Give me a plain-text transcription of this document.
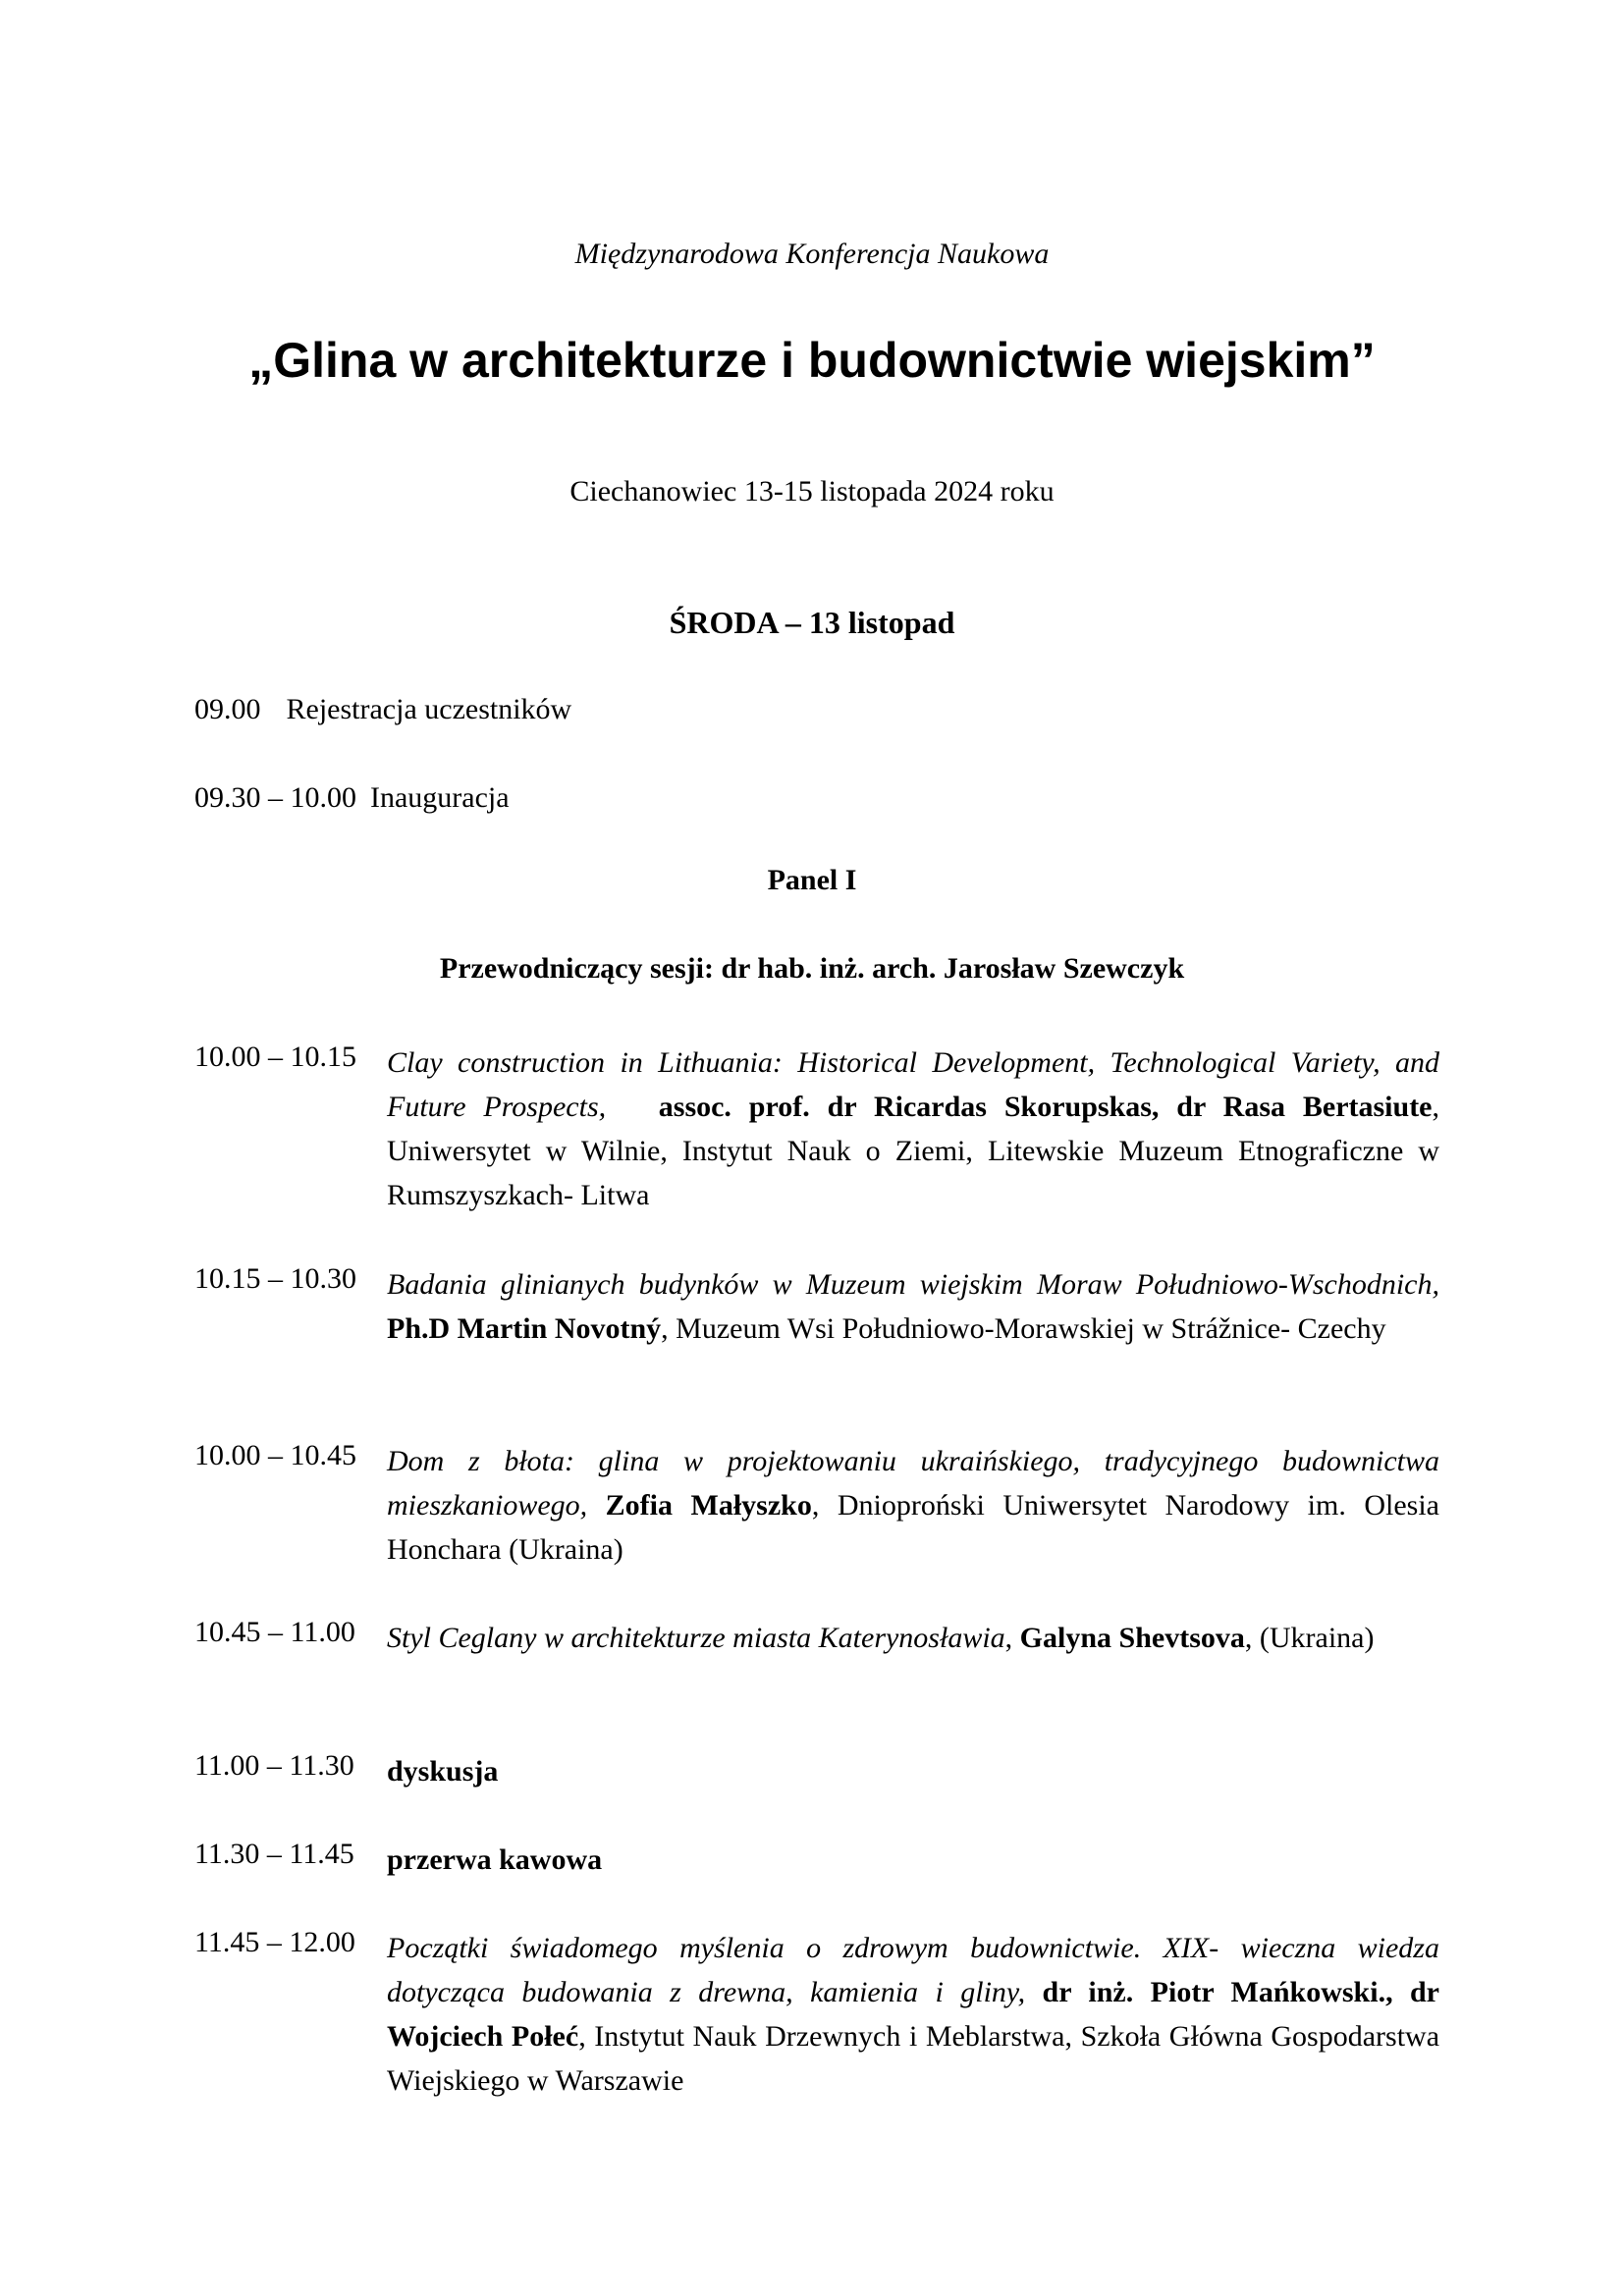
Międzynarodowa Konferencja Naukowa
„Glina w architekturze i budownictwie wiejskim”
Ciechanowiec 13-15 listopada 2024 roku
ŚRODA – 13 listopad
09.00 Rejestracja uczestników
09.30 – 10.00 Inauguracja
Panel I
Przewodniczący sesji: dr hab. inż. arch. Jarosław Szewczyk
10.00 – 10.15 Clay construction in Lithuania: Historical Development, Technological Variety, and Future Prospects, assoc. prof. dr Ricardas Skorupskas, dr Rasa Bertasiute, Uniwersytet w Wilnie, Instytut Nauk o Ziemi, Litewskie Muzeum Etnograficzne w Rumszyszkach- Litwa
10.15 – 10.30 Badania glinianych budynków w Muzeum wiejskim Moraw Południowo-Wschodnich, Ph.D Martin Novotný, Muzeum Wsi Południowo-Morawskiej w Strážnice- Czechy
10.00 – 10.45 Dom z błota: glina w projektowaniu ukraińskiego, tradycyjnego budownictwa mieszkaniowego, Zofia Małyszko, Dnioproński Uniwersytet Narodowy im. Olesia Honchara (Ukraina)
10.45 – 11.00 Styl Ceglany w architekturze miasta Katerynosławia, Galyna Shevtsova, (Ukraina)
11.00 – 11.30 dyskusja
11.30 – 11.45 przerwa kawowa
11.45 – 12.00 Początki świadomego myślenia o zdrowym budownictwie. XIX- wieczna wiedza dotycząca budowania z drewna, kamienia i gliny, dr inż. Piotr Mańkowski., dr Wojciech Połeć, Instytut Nauk Drzewnych i Meblarstwa, Szkoła Główna Gospodarstwa Wiejskiego w Warszawie
